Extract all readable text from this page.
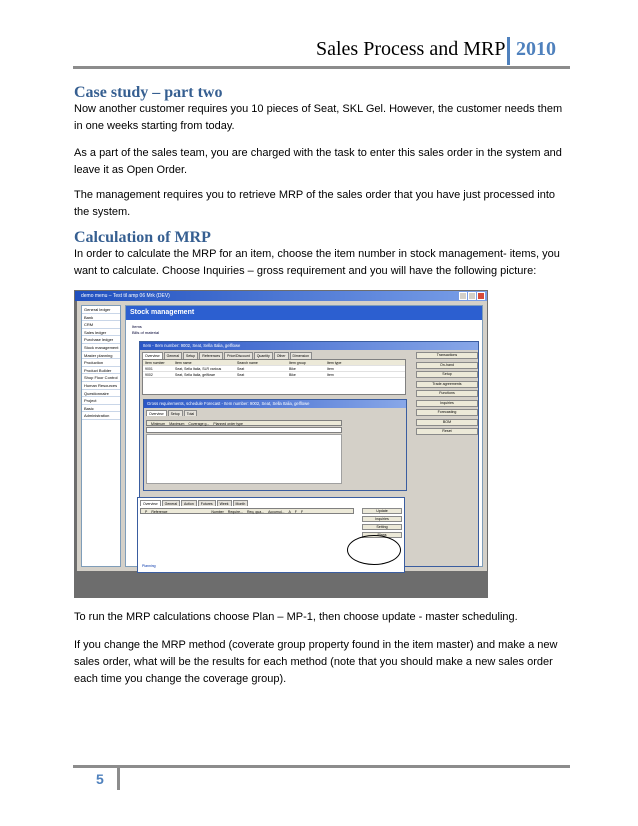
Sales Process and MRP 2010
Case study – part two
Now another customer requires you 10 pieces of Seat, SKL Gel. However, the customer needs them in one weeks starting from today.
As a part of the sales team, you are charged with the task to enter this sales order in the system and leave it as Open Order.
The management requires you to retrieve MRP of the sales order that you have just processed into the system.
Calculation of MRP
In order to calculate the MRP for an item, choose the item number in stock management- items, you want to calculate. Choose Inquiries – gross requirement and you will have the following picture:
demo menu – Test til amp 06 Mrk (DEV)
General ledger
Bank
CRM
Sales ledger
Purchase ledger
Stock management
Master planning
Production
Product Builder
Shop Floor Control
Human Resources
Questionnaire
Project
Basic
Administration
Stock management
Items
Bills of material
Item - Item number: 9002, Seat, Sella Italia, gelflowe
Overview	General	Setup	References	Price/Discount	Quantity	Other	Dimension
Item number	Item name	Search name	Item group	Item type
9001	Seat, Sella Italia, SLR various	Seat	Bike	Item
9002	Seat, Sella Italia, gelflowe	Seat	Bike	Item
Transactions
On-hand
Setup
Trade agreements
Functions
Inquiries
Forecasting
BOM
Reset
Gross requirements, schedule Forecast - Item number: 9002, Seat, Sella Italia, gelflowe
Overview	Setup	Total
Minimum	Maximum	Coverage g...	Planned order type
Overview	General	Action	Futures	Week	Month
P	Reference	Number	Require...	Req. qua...	Accumul...	A	F	F	Update
Inquiries
Setting
Plans
Planning
To run the MRP calculations choose Plan – MP-1, then choose update - master scheduling.
If you change the MRP method (coverate group property found in the item master) and make a new sales order, what will be the results for each method (note that you should make a new sales order each time you change the coverage group).
5
